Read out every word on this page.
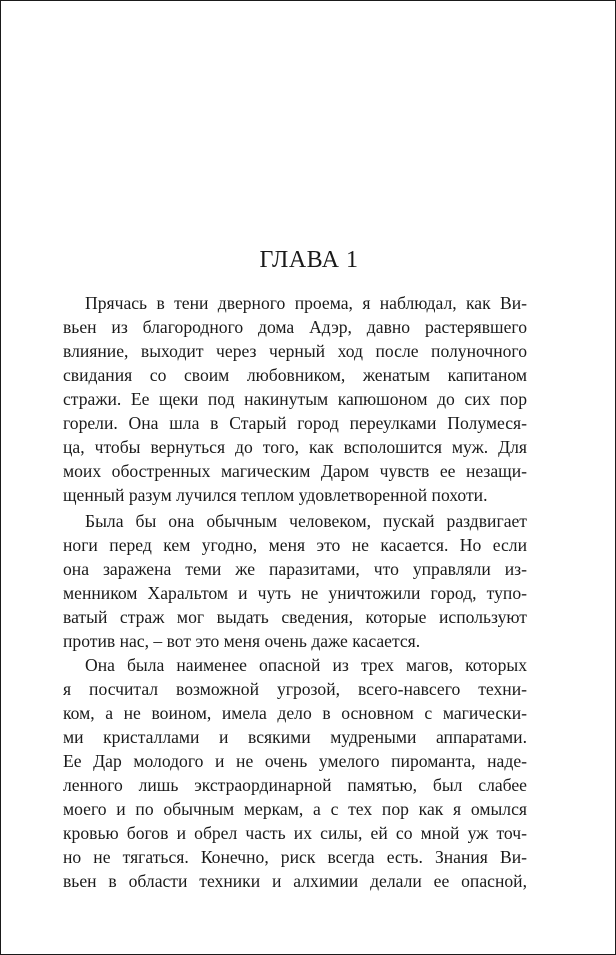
ГЛАВА 1
Прячась в тени дверного проема, я наблюдал, как Ви-
вьен из благородного дома Адэр, давно растерявшего
влияние, выходит через черный ход после полуночного
свидания со своим любовником, женатым капитаном
стражи. Ее щеки под накинутым капюшоном до сих пор
горели. Она шла в Старый город переулками Полумеся-
ца, чтобы вернуться до того, как всполошится муж. Для
моих обостренных магическим Даром чувств ее незащи-
щенный разум лучился теплом удовлетворенной похоти.
Была бы она обычным человеком, пускай раздвигает
ноги перед кем угодно, меня это не касается. Но если
она заражена теми же паразитами, что управляли из-
менником Харальтом и чуть не уничтожили город, тупо-
ватый страж мог выдать сведения, которые используют
против нас, – вот это меня очень даже касается.
Она была наименее опасной из трех магов, которых
я посчитал возможной угрозой, всего-навсего техни-
ком, а не воином, имела дело в основном с магически-
ми кристаллами и всякими мудреными аппаратами.
Ее Дар молодого и не очень умелого пироманта, наде-
ленного лишь экстраординарной памятью, был слабее
моего и по обычным меркам, а с тех пор как я омылся
кровью богов и обрел часть их силы, ей со мной уж точ-
но не тягаться. Конечно, риск всегда есть. Знания Ви-
вьен в области техники и алхимии делали ее опасной,
